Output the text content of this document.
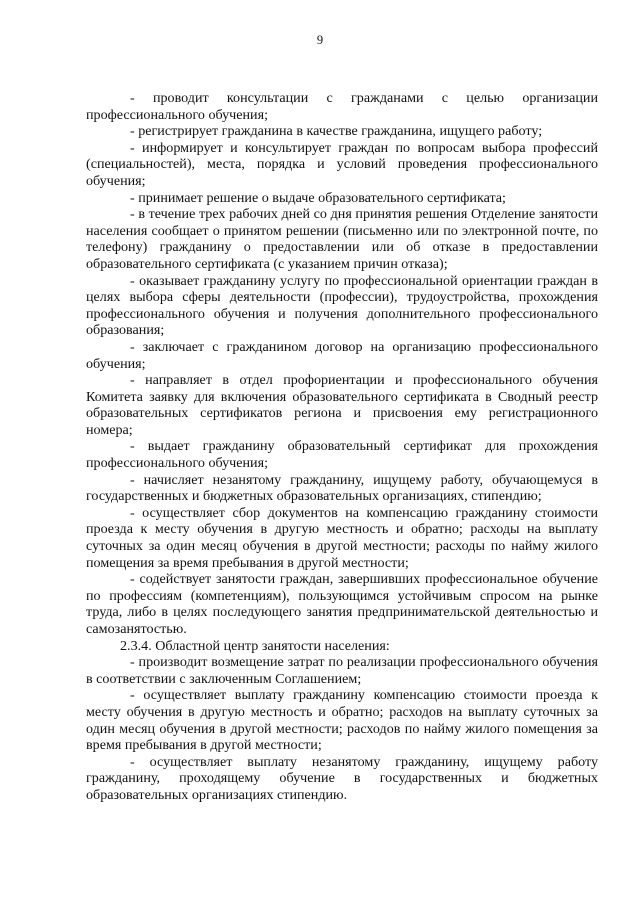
9

- проводит консультации с гражданами с целью организации профессионального обучения;

- регистрирует гражданина в качестве гражданина, ищущего работу;

- информирует и консультирует граждан по вопросам выбора профессий (специальностей), места, порядка и условий проведения профессионального обучения;

- принимает решение о выдаче образовательного сертификата;

- в течение трех рабочих дней со дня принятия решения Отделение занятости населения сообщает о принятом решении (письменно или по электронной почте, по телефону) гражданину о предоставлении или об отказе в предоставлении образовательного сертификата (с указанием причин отказа);

- оказывает гражданину услугу по профессиональной ориентации граждан в целях выбора сферы деятельности (профессии), трудоустройства, прохождения профессионального обучения и получения дополнительного профессионального образования;

- заключает с гражданином договор на организацию профессионального обучения;

- направляет в отдел профориентации и профессионального обучения Комитета заявку для включения образовательного сертификата в Сводный реестр образовательных сертификатов региона и присвоения ему регистрационного номера;

- выдает гражданину образовательный сертификат для прохождения профессионального обучения;

- начисляет незанятому гражданину, ищущему работу, обучающемуся в государственных и бюджетных образовательных организациях, стипендию;

- осуществляет сбор документов на компенсацию гражданину стоимости проезда к месту обучения в другую местность и обратно; расходы на выплату суточных за один месяц обучения в другой местности; расходы по найму жилого помещения за время пребывания в другой местности;

- содействует занятости граждан, завершивших профессиональное обучение по профессиям (компетенциям), пользующимся устойчивым спросом на рынке труда, либо в целях последующего занятия предпринимательской деятельностью и самозанятостью.

2.3.4. Областной центр занятости населения:

- производит возмещение затрат по реализации профессионального обучения в соответствии с заключенным Соглашением;

- осуществляет выплату гражданину компенсацию стоимости проезда к месту обучения в другую местность и обратно; расходов на выплату суточных за один месяц обучения в другой местности; расходов по найму жилого помещения за время пребывания в другой местности;

- осуществляет выплату незанятому гражданину, ищущему работу гражданину, проходящему обучение в государственных и бюджетных образовательных организациях стипендию.
